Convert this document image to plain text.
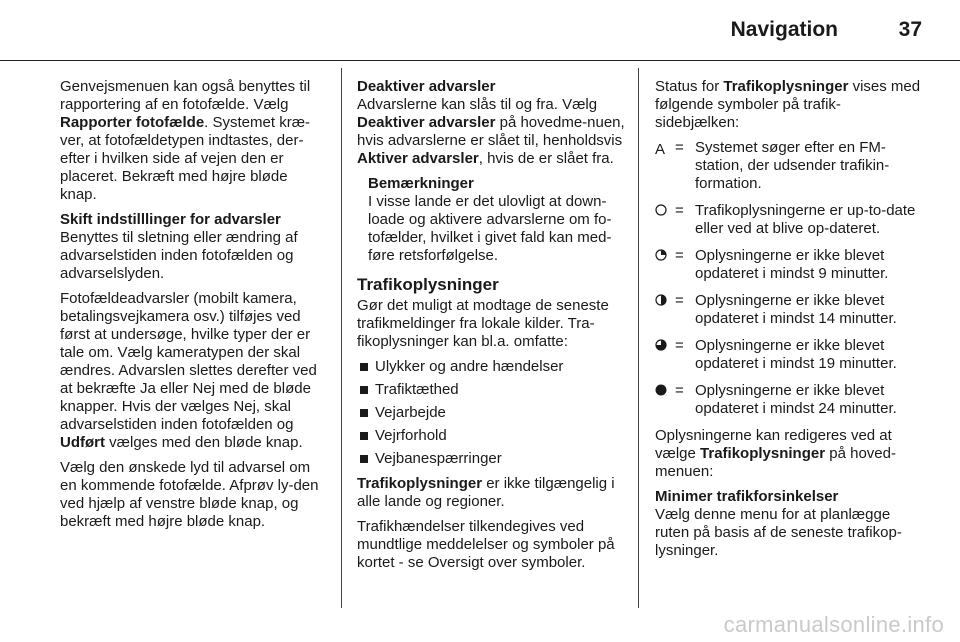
Navigation	37

Genvejsmenuen kan også benyttes til rapportering af en fotofælde. Vælg Rapporter fotofælde. Systemet kræ-ver, at fotofældetypen indtastes, der-efter i hvilken side af vejen den er placeret. Bekræft med højre bløde knap.

Skift indstilllinger for advarsler

Benyttes til sletning eller ændring af advarselstiden inden fotofælden og advarselslyden.

Fotofældeadvarsler (mobilt kamera, betalingsvejkamera osv.) tilføjes ved først at undersøge, hvilke typer der er tale om. Vælg kameratypen der skal ændres. Advarslen slettes derefter ved at bekræfte Ja eller Nej med de bløde knapper. Hvis der vælges Nej, skal advarselstiden inden fotofælden og Udført vælges med den bløde knap.

Vælg den ønskede lyd til advarsel om en kommende fotofælde. Afprøv ly-den ved hjælp af venstre bløde knap, og bekræft med højre bløde knap.

Deaktiver advarsler

Advarslerne kan slås til og fra. Vælg Deaktiver advarsler på hovedme-nuen, hvis advarslerne er slået til, henholdsvis Aktiver advarsler, hvis de er slået fra.

Bemærkninger

I visse lande er det ulovligt at down-loade og aktivere advarslerne om fo-tofælder, hvilket i givet fald kan med-føre retsforfølgelse.

Trafikoplysninger

Gør det muligt at modtage de seneste trafikmeldinger fra lokale kilder. Tra-fikoplysninger kan bl.a. omfatte:

Ulykker og andre hændelser
Trafiktæthed
Vejarbejde
Vejrforhold
Vejbanespærringer

Trafikoplysninger er ikke tilgængelig i alle lande og regioner.

Trafikhændelser tilkendegives ved mundtlige meddelelser og symboler på kortet - se Oversigt over symboler.

Status for Trafikoplysninger vises med følgende symboler på trafik-sidebjælken:

A = Systemet søger efter en FM-station, der udsender trafikin-formation.
= Trafikoplysningerne er up-to-date eller ved at blive op-dateret.
= Oplysningerne er ikke blevet opdateret i mindst 9 minutter.
= Oplysningerne er ikke blevet opdateret i mindst 14 minutter.
= Oplysningerne er ikke blevet opdateret i mindst 19 minutter.
= Oplysningerne er ikke blevet opdateret i mindst 24 minutter.

Oplysningerne kan redigeres ved at vælge Trafikoplysninger på hoved-menuen:

Minimer trafikforsinkelser

Vælg denne menu for at planlægge ruten på basis af de seneste trafikop-lysninger.

carmanualsonline.info
